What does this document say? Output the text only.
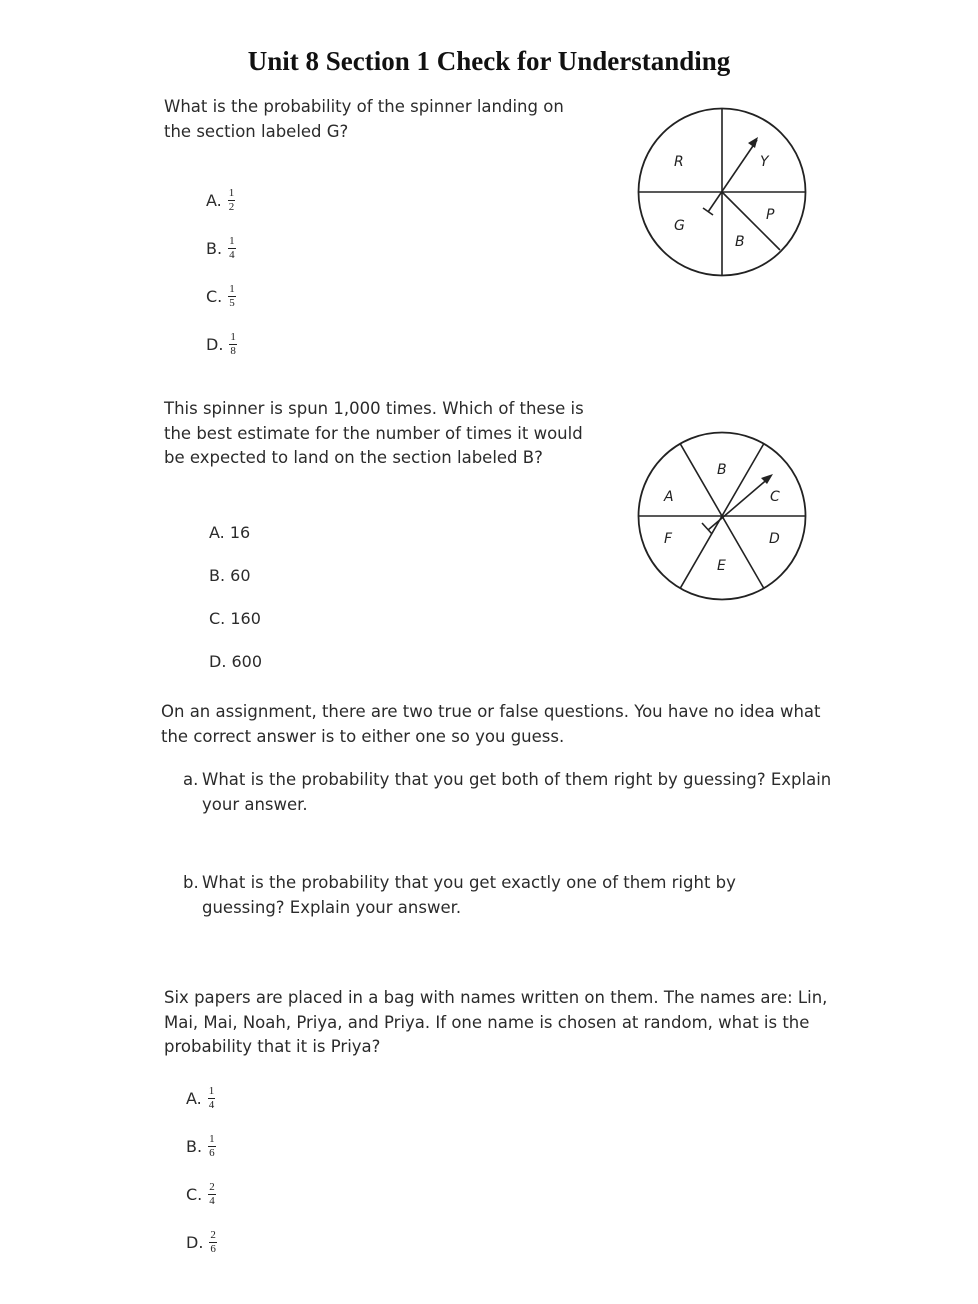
Unit 8 Section 1 Check for Understanding
What is the probability of the spinner landing on the section labeled G?
A. $\frac{1}{2}$
B. $\frac{1}{4}$
C. $\frac{1}{5}$
D. $\frac{1}{8}$
R	Y
G
P
B
This spinner is spun 1,000 times. Which of these is the best estimate for the number of times it would be expected to land on the section labeled B?
A. 16
B. 60
C. 160
D. 600
A
B
C
D
E
F
On an assignment, there are two true or false questions. You have no idea what the correct answer is to either one so you guess.
a. What is the probability that you get both of them right by guessing? Explain your answer.
b. What is the probability that you get exactly one of them right by guessing? Explain your answer.
Six papers are placed in a bag with names written on them. The names are: Lin, Mai, Mai, Noah, Priya, and Priya. If one name is chosen at random, what is the probability that it is Priya?
A. $\frac{1}{4}$
B. $\frac{1}{6}$
C. $\frac{2}{4}$
D. $\frac{2}{6}$
